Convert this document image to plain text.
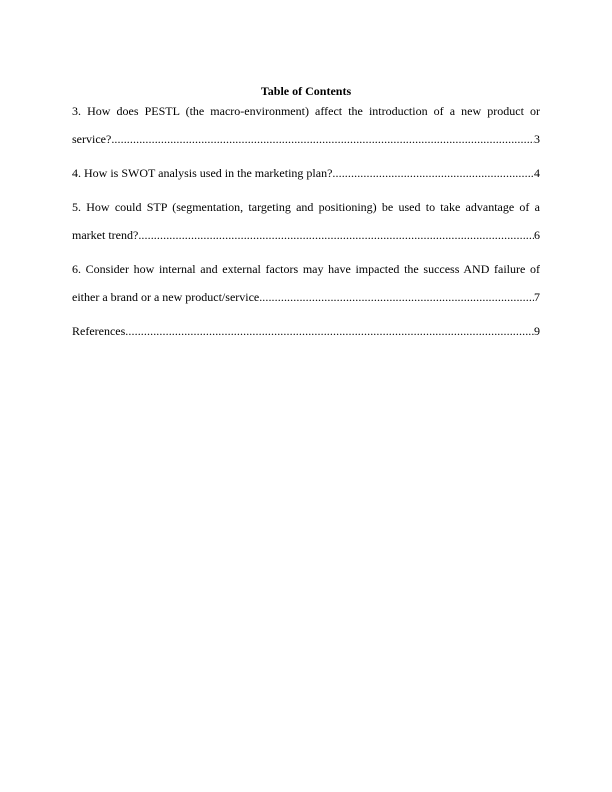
Table of Contents
3. How does PESTL (the macro-environment) affect the introduction of a new product or
service? .....	3
4. How is SWOT analysis used in the marketing plan? .....	4
5. How could STP (segmentation, targeting and positioning) be used to take advantage of a
market trend? .....	6
6. Consider how internal and external factors may have impacted the success AND failure of
either a brand or a new product/service. .....	7
References .....	9
